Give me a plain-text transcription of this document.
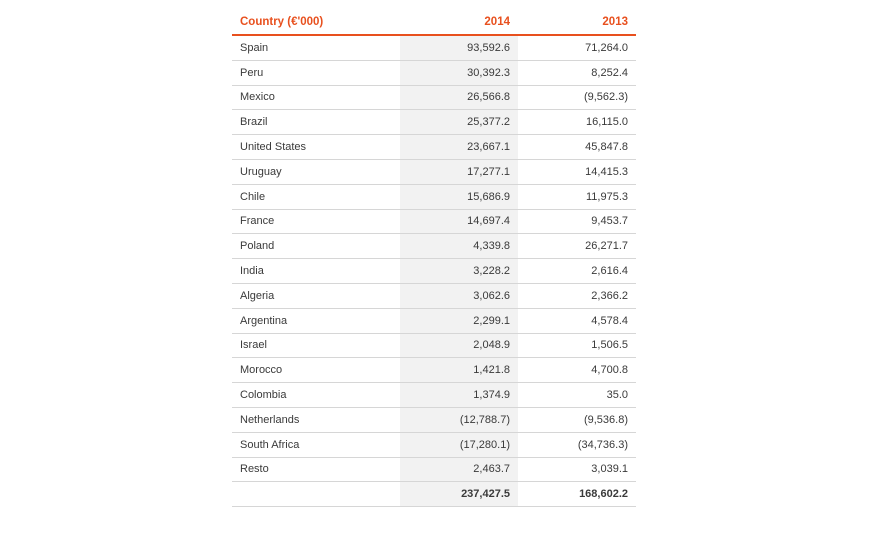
Country (€'000)	2014	2013
Spain	93,592.6	71,264.0
Peru	30,392.3	8,252.4
Mexico	26,566.8	(9,562.3)
Brazil	25,377.2	16,115.0
United States	23,667.1	45,847.8
Uruguay	17,277.1	14,415.3
Chile	15,686.9	11,975.3
France	14,697.4	9,453.7
Poland	4,339.8	26,271.7
India	3,228.2	2,616.4
Algeria	3,062.6	2,366.2
Argentina	2,299.1	4,578.4
Israel	2,048.9	1,506.5
Morocco	1,421.8	4,700.8
Colombia	1,374.9	35.0
Netherlands	(12,788.7)	(9,536.8)
South Africa	(17,280.1)	(34,736.3)
Resto	2,463.7	3,039.1
	237,427.5	168,602.2
